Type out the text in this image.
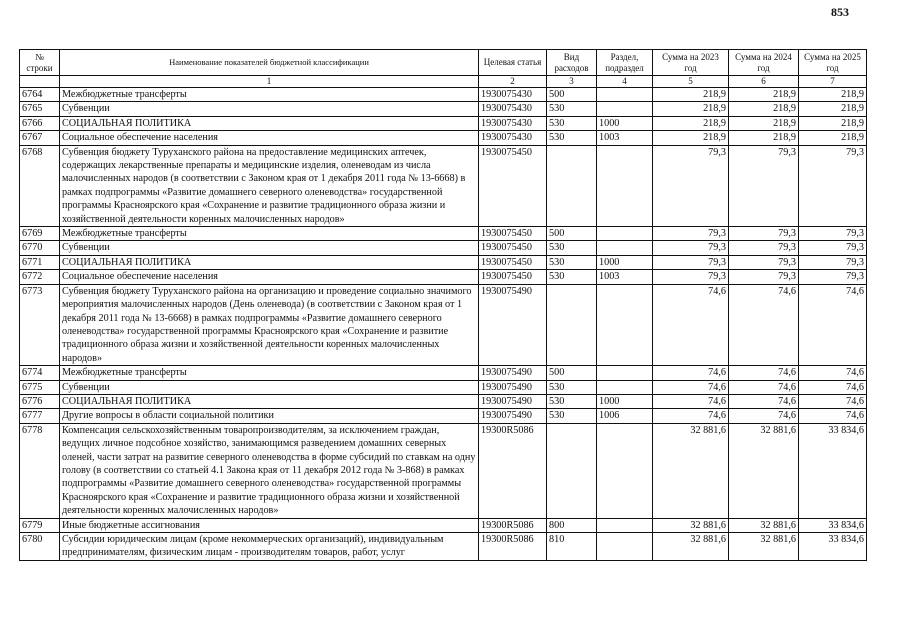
853
№ строки	Наименование показателей бюджетной классификации	Целевая статья	Вид расходов	Раздел, подраздел	Сумма на 2023 год	Сумма на 2024 год	Сумма на 2025 год
	1	2	3	4	5	6	7
6764	Межбюджетные трансферты	1930075430	500		218,9	218,9	218,9
6765	Субвенции	1930075430	530		218,9	218,9	218,9
6766	СОЦИАЛЬНАЯ ПОЛИТИКА	1930075430	530	1000	218,9	218,9	218,9
6767	Социальное обеспечение населения	1930075430	530	1003	218,9	218,9	218,9
6768	Субвенция бюджету Туруханского района на предоставление медицинских аптечек, содержащих лекарственные препараты и медицинские изделия, оленеводам из числа малочисленных народов (в соответствии с Законом края от 1 декабря 2011 года № 13-6668) в рамках подпрограммы «Развитие домашнего северного оленеводства» государственной программы Красноярского края «Сохранение и развитие традиционного образа жизни и хозяйственной деятельности коренных малочисленных народов»	1930075450			79,3	79,3	79,3
6769	Межбюджетные трансферты	1930075450	500		79,3	79,3	79,3
6770	Субвенции	1930075450	530		79,3	79,3	79,3
6771	СОЦИАЛЬНАЯ ПОЛИТИКА	1930075450	530	1000	79,3	79,3	79,3
6772	Социальное обеспечение населения	1930075450	530	1003	79,3	79,3	79,3
6773	Субвенция бюджету Туруханского района на организацию и проведение социально значимого мероприятия малочисленных народов (День оленевода) (в соответствии с Законом края от 1 декабря 2011 года № 13-6668) в рамках подпрограммы «Развитие домашнего северного оленеводства» государственной программы Красноярского края «Сохранение и развитие традиционного образа жизни и хозяйственной деятельности коренных малочисленных народов»	1930075490			74,6	74,6	74,6
6774	Межбюджетные трансферты	1930075490	500		74,6	74,6	74,6
6775	Субвенции	1930075490	530		74,6	74,6	74,6
6776	СОЦИАЛЬНАЯ ПОЛИТИКА	1930075490	530	1000	74,6	74,6	74,6
6777	Другие вопросы в области социальной политики	1930075490	530	1006	74,6	74,6	74,6
6778	Компенсация сельскохозяйственным товаропроизводителям, за исключением граждан, ведущих личное подсобное хозяйство, занимающимся разведением домашних северных оленей, части затрат на развитие северного оленеводства в форме субсидий по ставкам на одну голову (в соответствии со статьей 4.1 Закона края от 11 декабря 2012 года № 3-868) в рамках подпрограммы «Развитие домашнего северного оленеводства» государственной программы Красноярского края «Сохранение и развитие традиционного образа жизни и хозяйственной деятельности коренных малочисленных народов»	19300R5086			32 881,6	32 881,6	33 834,6
6779	Иные бюджетные ассигнования	19300R5086	800		32 881,6	32 881,6	33 834,6
6780	Субсидии юридическим лицам (кроме некоммерческих организаций), индивидуальным предпринимателям, физическим лицам - производителям товаров, работ, услуг	19300R5086	810		32 881,6	32 881,6	33 834,6
